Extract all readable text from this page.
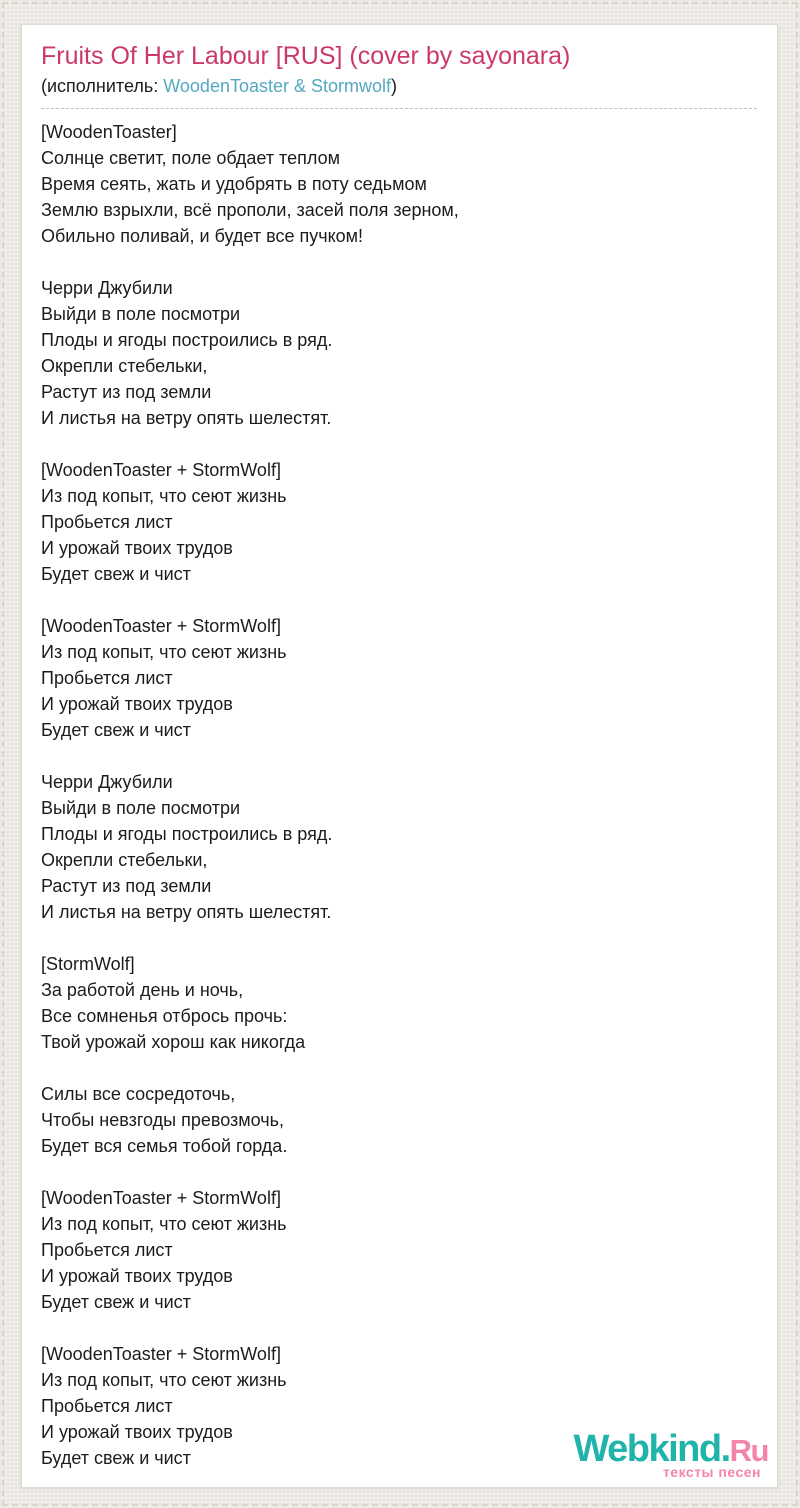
Fruits Of Her Labour [RUS] (cover by sayonara)
(исполнитель: WoodenToaster & Stormwolf)
[WoodenToaster]
Солнце светит, поле обдает теплом
Время сеять, жать и удобрять в поту седьмом
Землю взрыхли, всё прополи, засей поля зерном,
Обильно поливай, и будет все пучком!
Черри Джубили
Выйди в поле посмотри
Плоды и ягоды построились в ряд.
Окрепли стебельки,
Растут из под земли
И листья на ветру опять шелестят.
[WoodenToaster + StormWolf]
Из под копыт, что сеют жизнь
Пробьется лист
И урожай твоих трудов
Будет свеж и чист
[WoodenToaster + StormWolf]
Из под копыт, что сеют жизнь
Пробьется лист
И урожай твоих трудов
Будет свеж и чист
Черри Джубили
Выйди в поле посмотри
Плоды и ягоды построились в ряд.
Окрепли стебельки,
Растут из под земли
И листья на ветру опять шелестят.
[StormWolf]
За работой день и ночь,
Все сомненья отбрось прочь:
Твой урожай хорош как никогда
Силы все сосредоточь,
Чтобы невзгоды превозмочь,
Будет вся семья тобой горда.
[WoodenToaster + StormWolf]
Из под копыт, что сеют жизнь
Пробьется лист
И урожай твоих трудов
Будет свеж и чист
[WoodenToaster + StormWolf]
Из под копыт, что сеют жизнь
Пробьется лист
И урожай твоих трудов
Будет свеж и чист	Webkind.Ru
тексты песен
